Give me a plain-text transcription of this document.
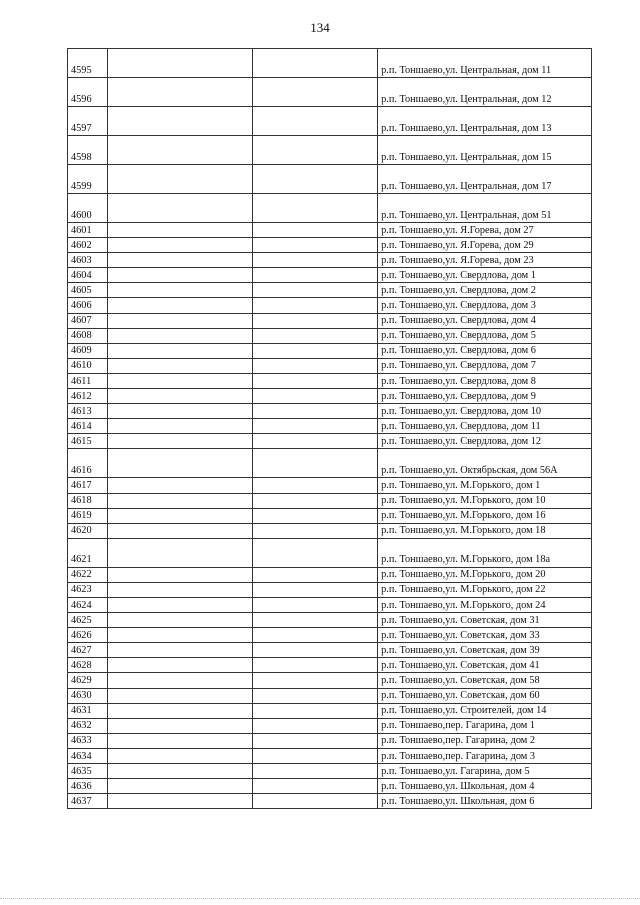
134
4595			р.п. Тоншаево,ул. Центральная, дом 11
4596			р.п. Тоншаево,ул. Центральная, дом 12
4597			р.п. Тоншаево,ул. Центральная, дом 13
4598			р.п. Тоншаево,ул. Центральная, дом 15
4599			р.п. Тоншаево,ул. Центральная, дом 17
4600			р.п. Тоншаево,ул. Центральная, дом 51
4601			р.п. Тоншаево,ул. Я.Горева, дом 27
4602			р.п. Тоншаево,ул. Я.Горева, дом 29
4603			р.п. Тоншаево,ул. Я.Горева, дом 23
4604			р.п. Тоншаево,ул. Свердлова, дом 1
4605			р.п. Тоншаево,ул. Свердлова, дом 2
4606			р.п. Тоншаево,ул. Свердлова, дом 3
4607			р.п. Тоншаево,ул. Свердлова, дом 4
4608			р.п. Тоншаево,ул. Свердлова, дом 5
4609			р.п. Тоншаево,ул. Свердлова, дом 6
4610			р.п. Тоншаево,ул. Свердлова, дом 7
4611			р.п. Тоншаево,ул. Свердлова, дом 8
4612			р.п. Тоншаево,ул. Свердлова, дом 9
4613			р.п. Тоншаево,ул. Свердлова, дом 10
4614			р.п. Тоншаево,ул. Свердлова, дом 11
4615			р.п. Тоншаево,ул. Свердлова, дом 12
4616			р.п. Тоншаево,ул. Октябрьская, дом 56А
4617			р.п. Тоншаево,ул. М.Горького, дом 1
4618			р.п. Тоншаево,ул. М.Горького, дом 10
4619			р.п. Тоншаево,ул. М.Горького, дом 16
4620			р.п. Тоншаево,ул. М.Горького, дом 18
4621			р.п. Тоншаево,ул. М.Горького, дом 18а
4622			р.п. Тоншаево,ул. М.Горького, дом 20
4623			р.п. Тоншаево,ул. М.Горького, дом 22
4624			р.п. Тоншаево,ул. М.Горького, дом 24
4625			р.п. Тоншаево,ул. Советская, дом 31
4626			р.п. Тоншаево,ул. Советская, дом 33
4627			р.п. Тоншаево,ул. Советская, дом 39
4628			р.п. Тоншаево,ул. Советская, дом 41
4629			р.п. Тоншаево,ул. Советская, дом 58
4630			р.п. Тоншаево,ул. Советская, дом 60
4631			р.п. Тоншаево,ул. Строителей, дом 14
4632			р.п. Тоншаево,пер. Гагарина, дом 1
4633			р.п. Тоншаево,пер. Гагарина, дом 2
4634			р.п. Тоншаево,пер. Гагарина, дом 3
4635			р.п. Тоншаево,ул. Гагарина, дом 5
4636			р.п. Тоншаево,ул. Школьная, дом 4
4637			р.п. Тоншаево,ул. Школьная, дом 6
